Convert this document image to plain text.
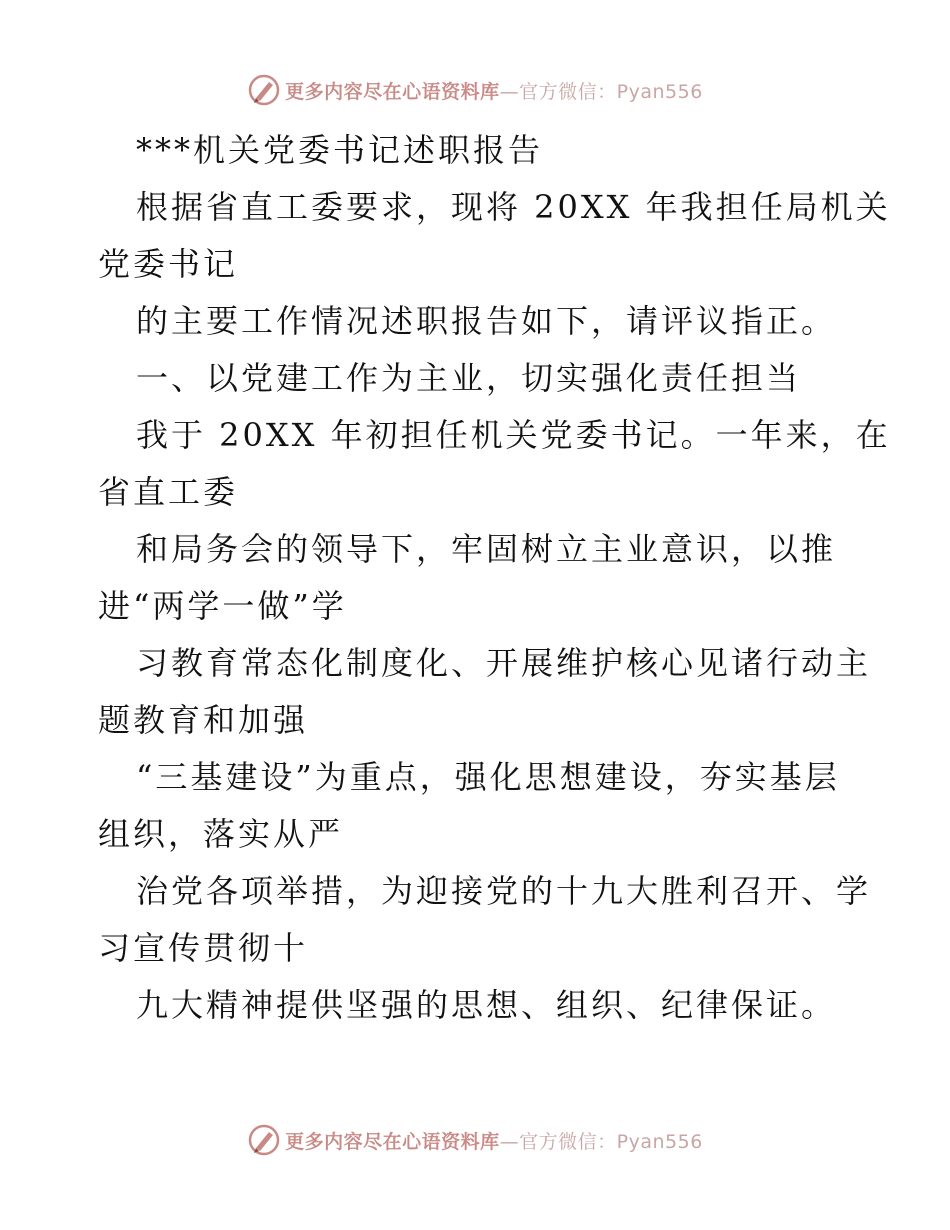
更多内容尽在心语资料库—官方微信：Pyan556
***机关党委书记述职报告
根据省直工委要求，现将 20XX 年我担任局机关
党委书记
的主要工作情况述职报告如下，请评议指正。
一、以党建工作为主业，切实强化责任担当
我于 20XX 年初担任机关党委书记。一年来，在
省直工委
和局务会的领导下，牢固树立主业意识，以推
进“两学一做”学
习教育常态化制度化、开展维护核心见诸行动主
题教育和加强
“三基建设”为重点，强化思想建设，夯实基层
组织，落实从严
治党各项举措，为迎接党的十九大胜利召开、学
习宣传贯彻十
九大精神提供坚强的思想、组织、纪律保证。
更多内容尽在心语资料库—官方微信：Pyan556
